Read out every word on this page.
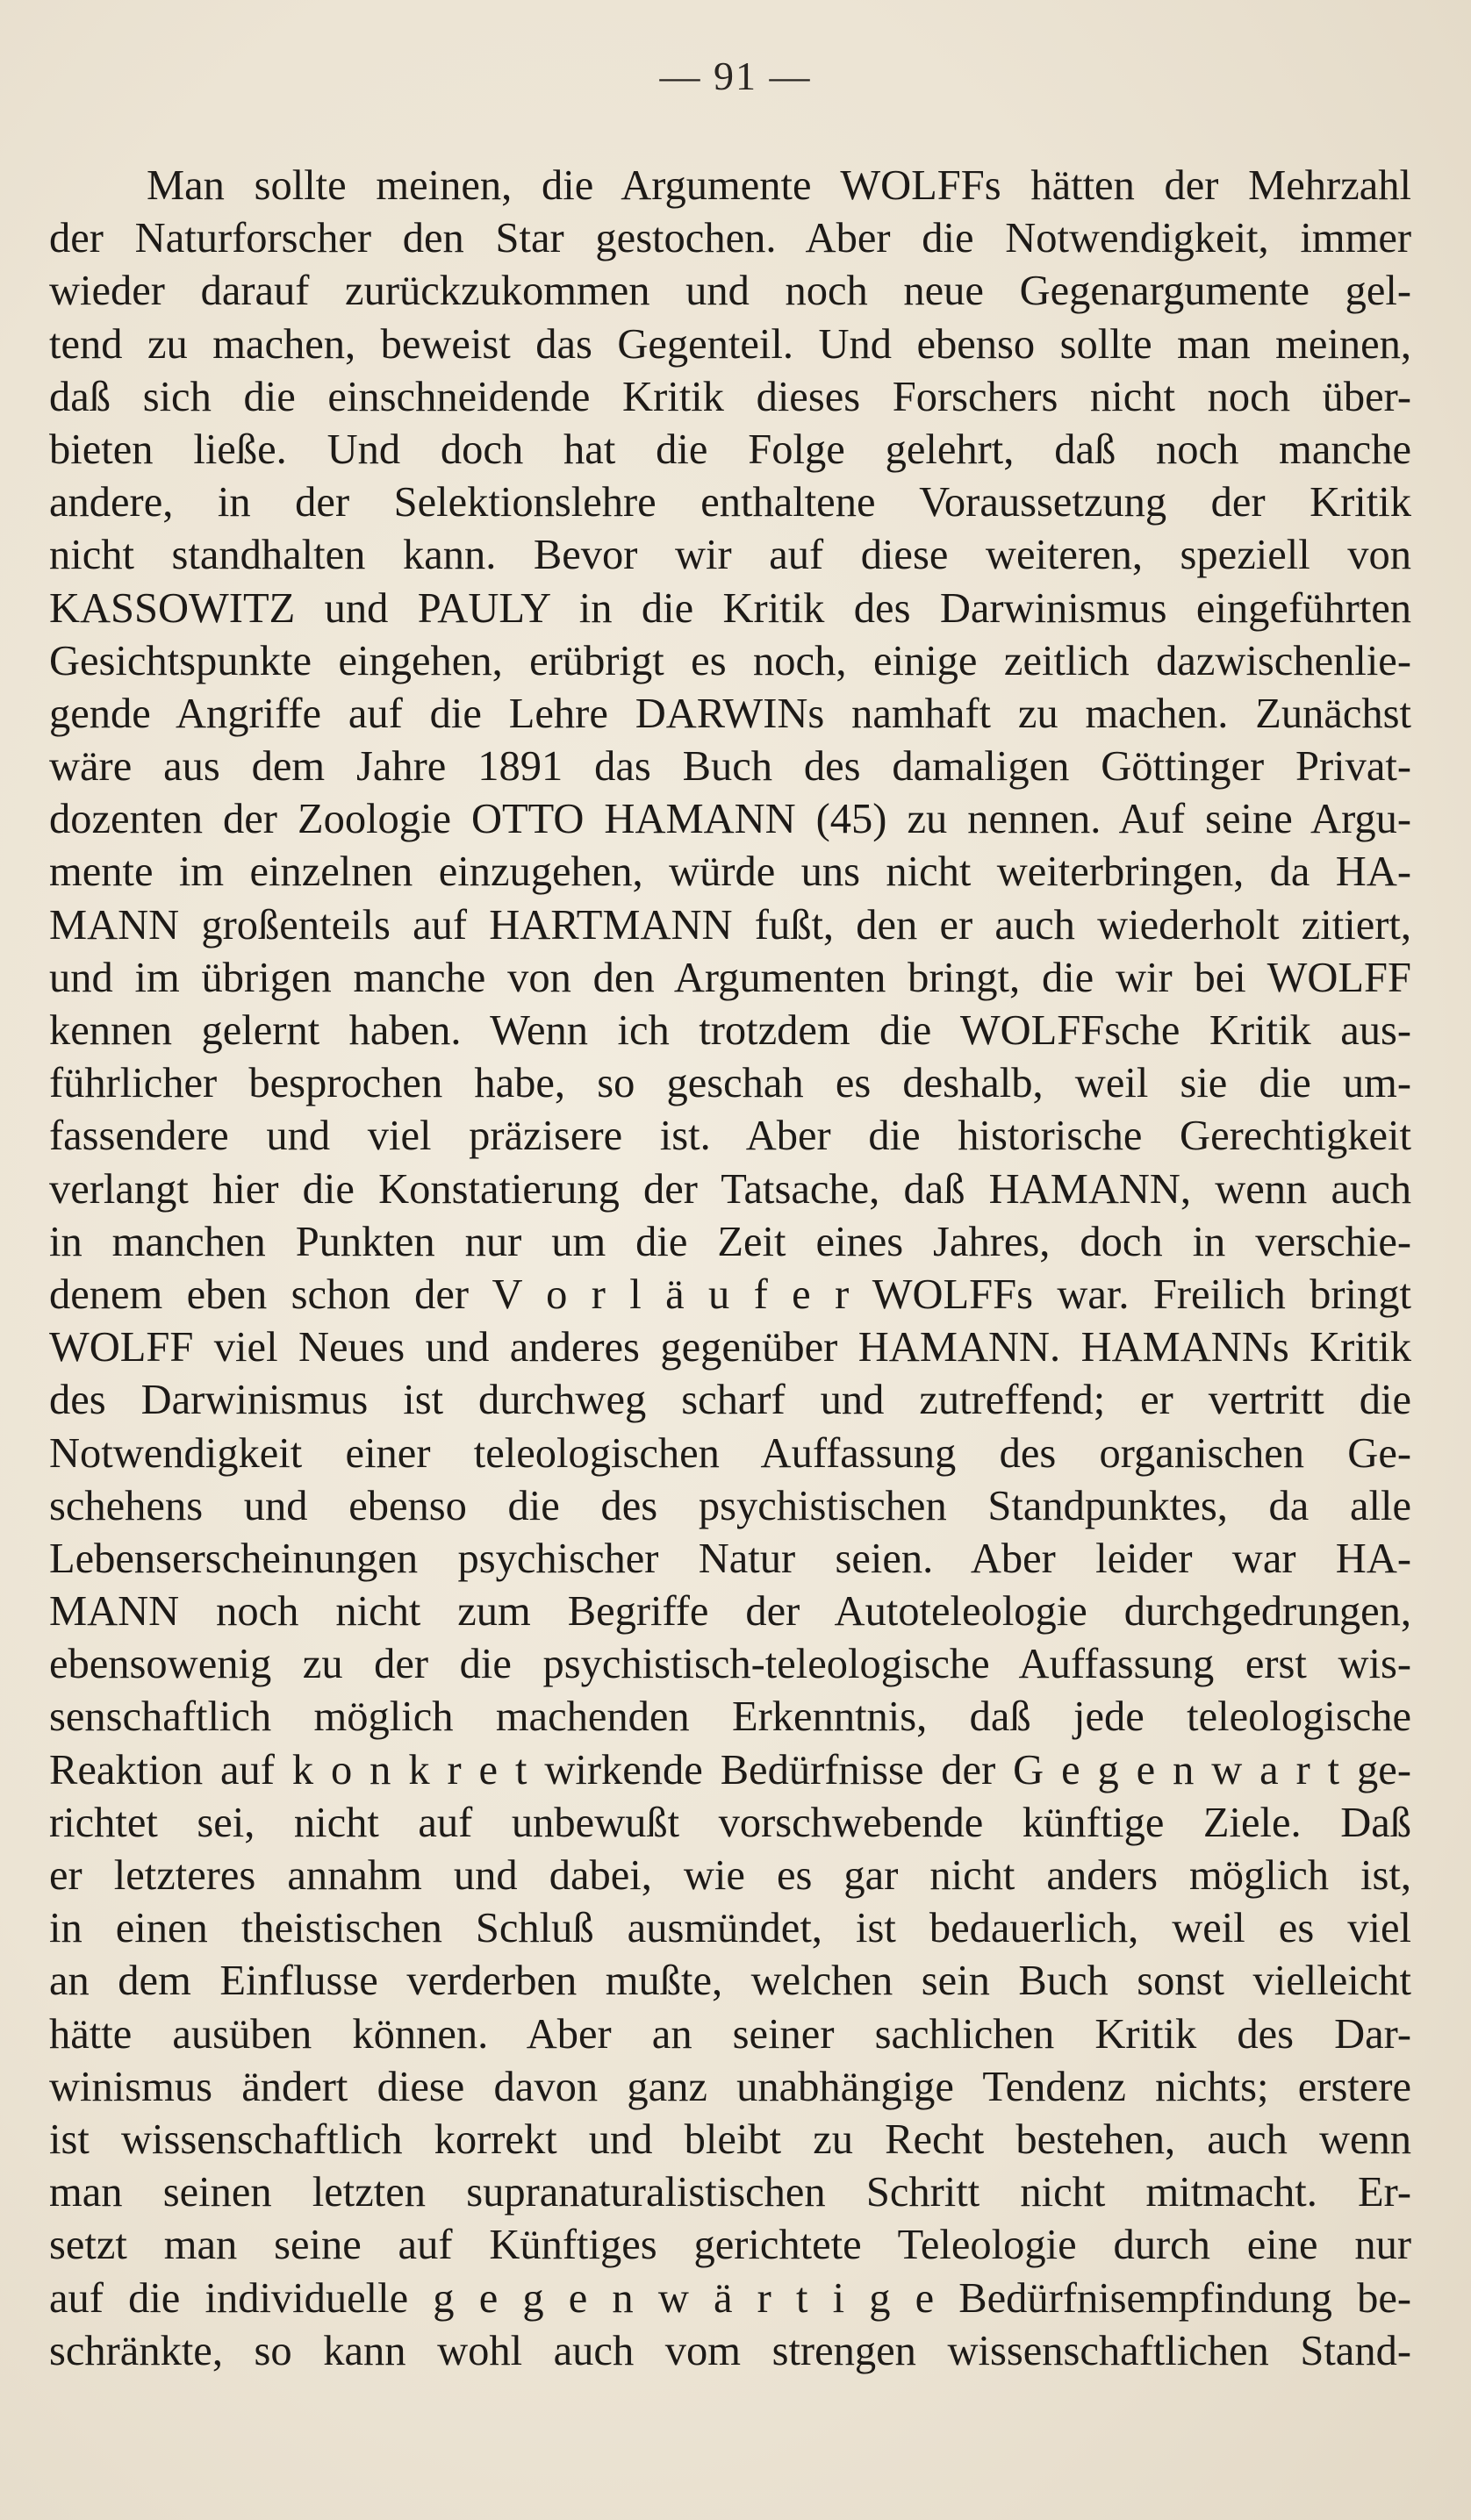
— 91 —
Man sollte meinen, die Argumente WOLFFs hätten der Mehrzahl
der Naturforscher den Star gestochen. Aber die Notwendigkeit, immer
wieder darauf zurückzukommen und noch neue Gegenargumente gel-
tend zu machen, beweist das Gegenteil. Und ebenso sollte man meinen,
daß sich die einschneidende Kritik dieses Forschers nicht noch über-
bieten ließe. Und doch hat die Folge gelehrt, daß noch manche
andere, in der Selektionslehre enthaltene Voraussetzung der Kritik
nicht standhalten kann. Bevor wir auf diese weiteren, speziell von
KASSOWITZ und PAULY in die Kritik des Darwinismus eingeführten
Gesichtspunkte eingehen, erübrigt es noch, einige zeitlich dazwischenlie-
gende Angriffe auf die Lehre DARWINs namhaft zu machen. Zunächst
wäre aus dem Jahre 1891 das Buch des damaligen Göttinger Privat-
dozenten der Zoologie OTTO HAMANN (45) zu nennen. Auf seine Argu-
mente im einzelnen einzugehen, würde uns nicht weiterbringen, da HA-
MANN großenteils auf HARTMANN fußt, den er auch wiederholt zitiert,
und im übrigen manche von den Argumenten bringt, die wir bei WOLFF
kennen gelernt haben. Wenn ich trotzdem die WOLFFsche Kritik aus-
führlicher besprochen habe, so geschah es deshalb, weil sie die um-
fassendere und viel präzisere ist. Aber die historische Gerechtigkeit
verlangt hier die Konstatierung der Tatsache, daß HAMANN, wenn auch
in manchen Punkten nur um die Zeit eines Jahres, doch in verschie-
denem eben schon der V o r l ä u f e r WOLFFs war. Freilich bringt
WOLFF viel Neues und anderes gegenüber HAMANN. HAMANNs Kritik
des Darwinismus ist durchweg scharf und zutreffend; er vertritt die
Notwendigkeit einer teleologischen Auffassung des organischen Ge-
schehens und ebenso die des psychistischen Standpunktes, da alle
Lebenserscheinungen psychischer Natur seien. Aber leider war HA-
MANN noch nicht zum Begriffe der Autoteleologie durchgedrungen,
ebensowenig zu der die psychistisch-teleologische Auffassung erst wis-
senschaftlich möglich machenden Erkenntnis, daß jede teleologische
Reaktion auf k o n k r e t wirkende Bedürfnisse der G e g e n w a r t ge-
richtet sei, nicht auf unbewußt vorschwebende künftige Ziele. Daß
er letzteres annahm und dabei, wie es gar nicht anders möglich ist,
in einen theistischen Schluß ausmündet, ist bedauerlich, weil es viel
an dem Einflusse verderben mußte, welchen sein Buch sonst vielleicht
hätte ausüben können. Aber an seiner sachlichen Kritik des Dar-
winismus ändert diese davon ganz unabhängige Tendenz nichts; erstere
ist wissenschaftlich korrekt und bleibt zu Recht bestehen, auch wenn
man seinen letzten supranaturalistischen Schritt nicht mitmacht. Er-
setzt man seine auf Künftiges gerichtete Teleologie durch eine nur
auf die individuelle g e g e n w ä r t i g e Bedürfnisempfindung be-
schränkte, so kann wohl auch vom strengen wissenschaftlichen Stand-
